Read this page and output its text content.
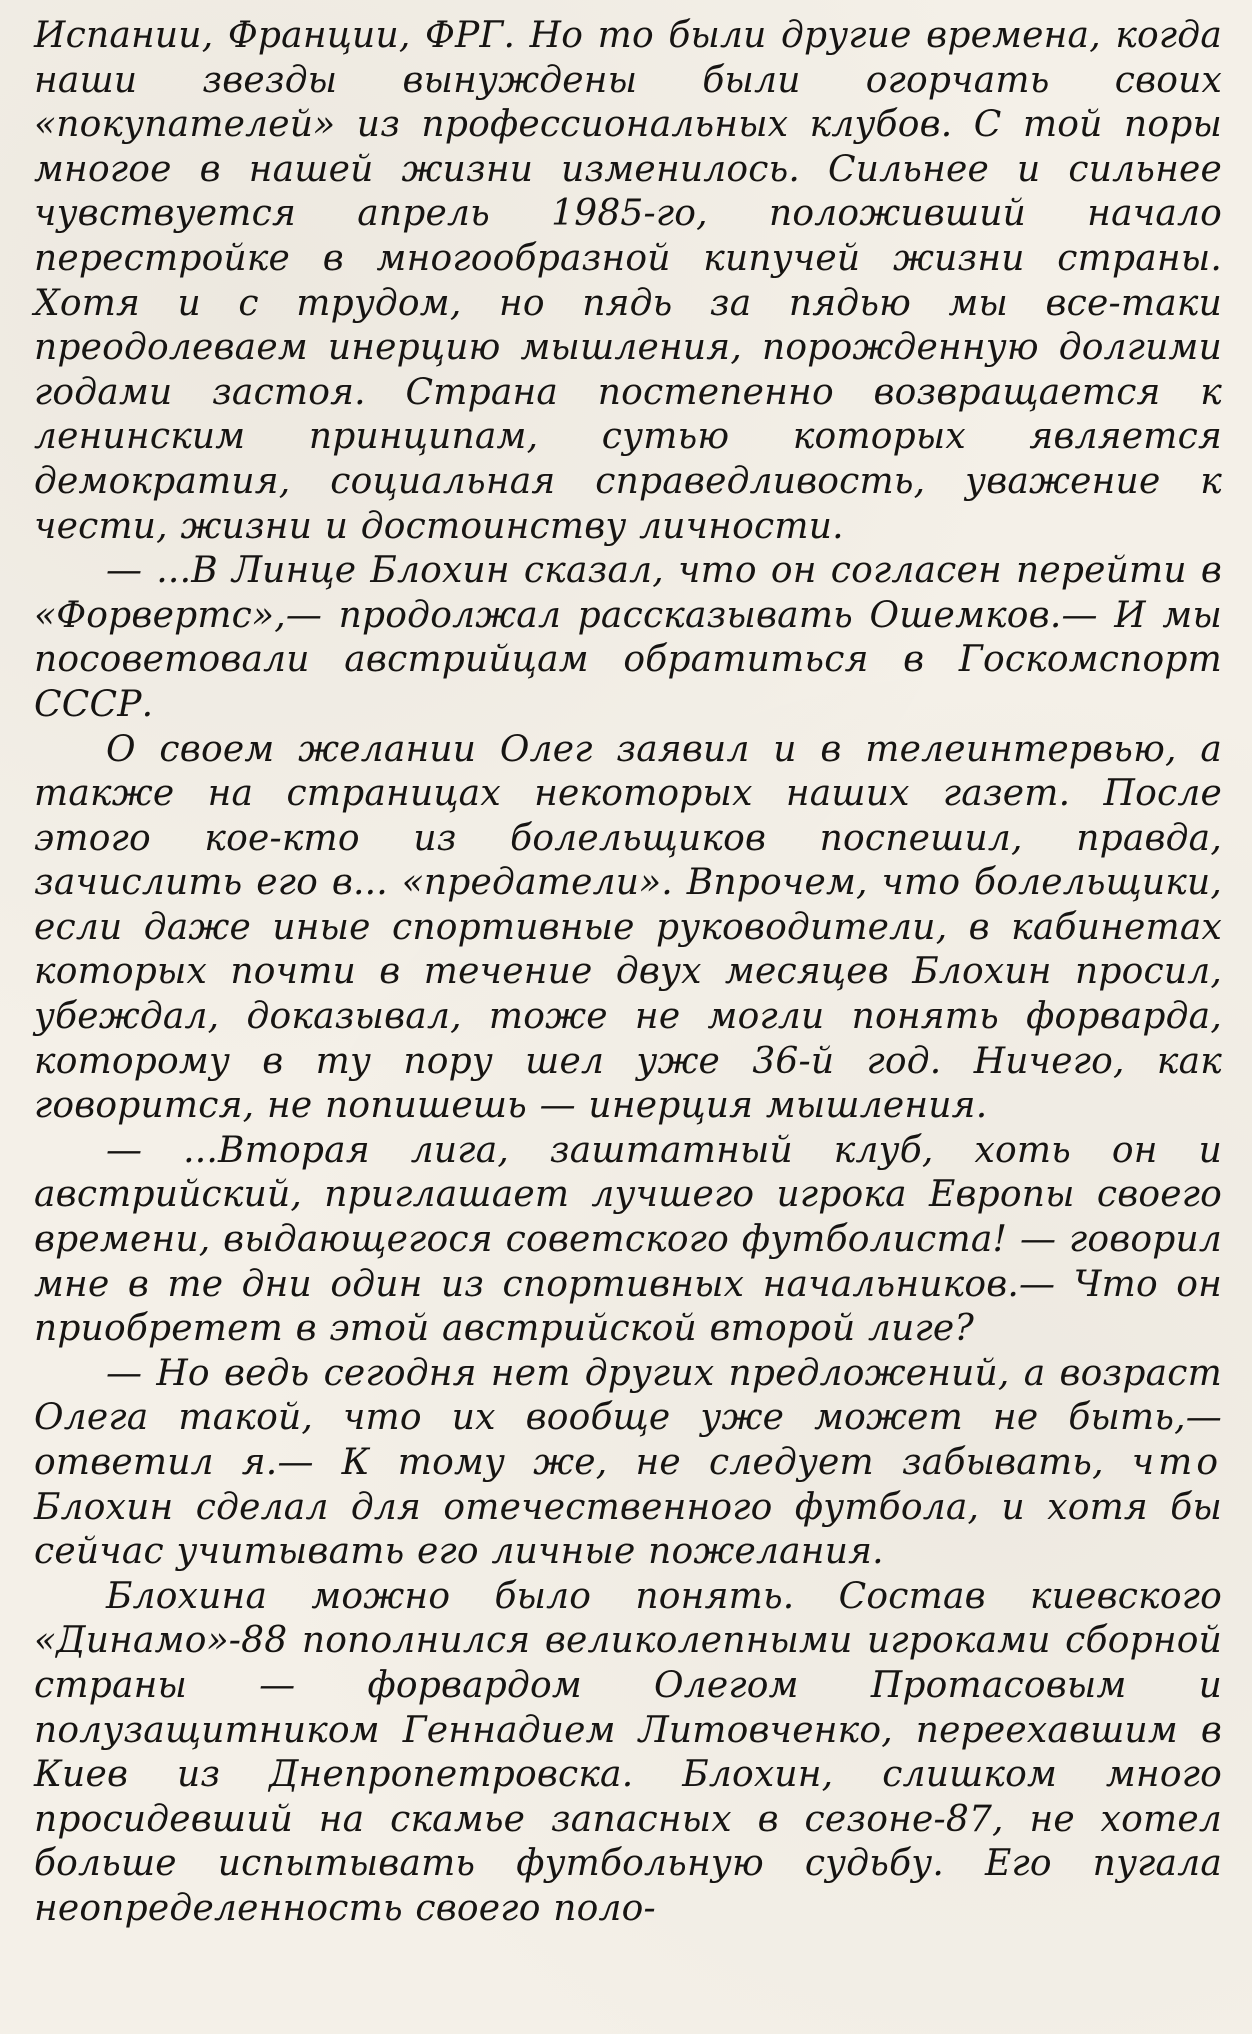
Испании, Франции, ФРГ. Но то были другие времена, когда наши звезды вынуждены были огорчать своих «покупателей» из профессиональных клубов. С той поры многое в нашей жизни изменилось. Сильнее и сильнее чувствуется апрель 1985-го, положивший начало перестройке в многообразной кипучей жизни страны. Хотя и с трудом, но пядь за пядью мы все-таки преодолеваем инерцию мышления, порожденную долгими годами застоя. Страна постепенно возвращается к ленинским принципам, сутью которых является демократия, социальная справедливость, уважение к чести, жизни и достоинству личности.

— ...В Линце Блохин сказал, что он согласен перейти в «Форвертс»,— продолжал рассказывать Ошемков.— И мы посоветовали австрийцам обратиться в Госкомспорт СССР.

О своем желании Олег заявил и в телеинтервью, а также на страницах некоторых наших газет. После этого кое-кто из болельщиков поспешил, правда, зачислить его в... «предатели». Впрочем, что болельщики, если даже иные спортивные руководители, в кабинетах которых почти в течение двух месяцев Блохин просил, убеждал, доказывал, тоже не могли понять форварда, которому в ту пору шел уже 36-й год. Ничего, как говорится, не попишешь — инерция мышления.

— ...Вторая лига, заштатный клуб, хоть он и австрийский, приглашает лучшего игрока Европы своего времени, выдающегося советского футболиста! — говорил мне в те дни один из спортивных начальников.— Что он приобретет в этой австрийской второй лиге?

— Но ведь сегодня нет других предложений, а возраст Олега такой, что их вообще уже может не быть,— ответил я.— К тому же, не следует забывать, что Блохин сделал для отечественного футбола, и хотя бы сейчас учитывать его личные пожелания.

Блохина можно было понять. Состав киевского «Динамо»-88 пополнился великолепными игроками сборной страны — форвардом Олегом Протасовым и полузащитником Геннадием Литовченко, переехавшим в Киев из Днепропетровска. Блохин, слишком много просидевший на скамье запасных в сезоне-87, не хотел больше испытывать футбольную судьбу. Его пугала неопределенность своего поло-
